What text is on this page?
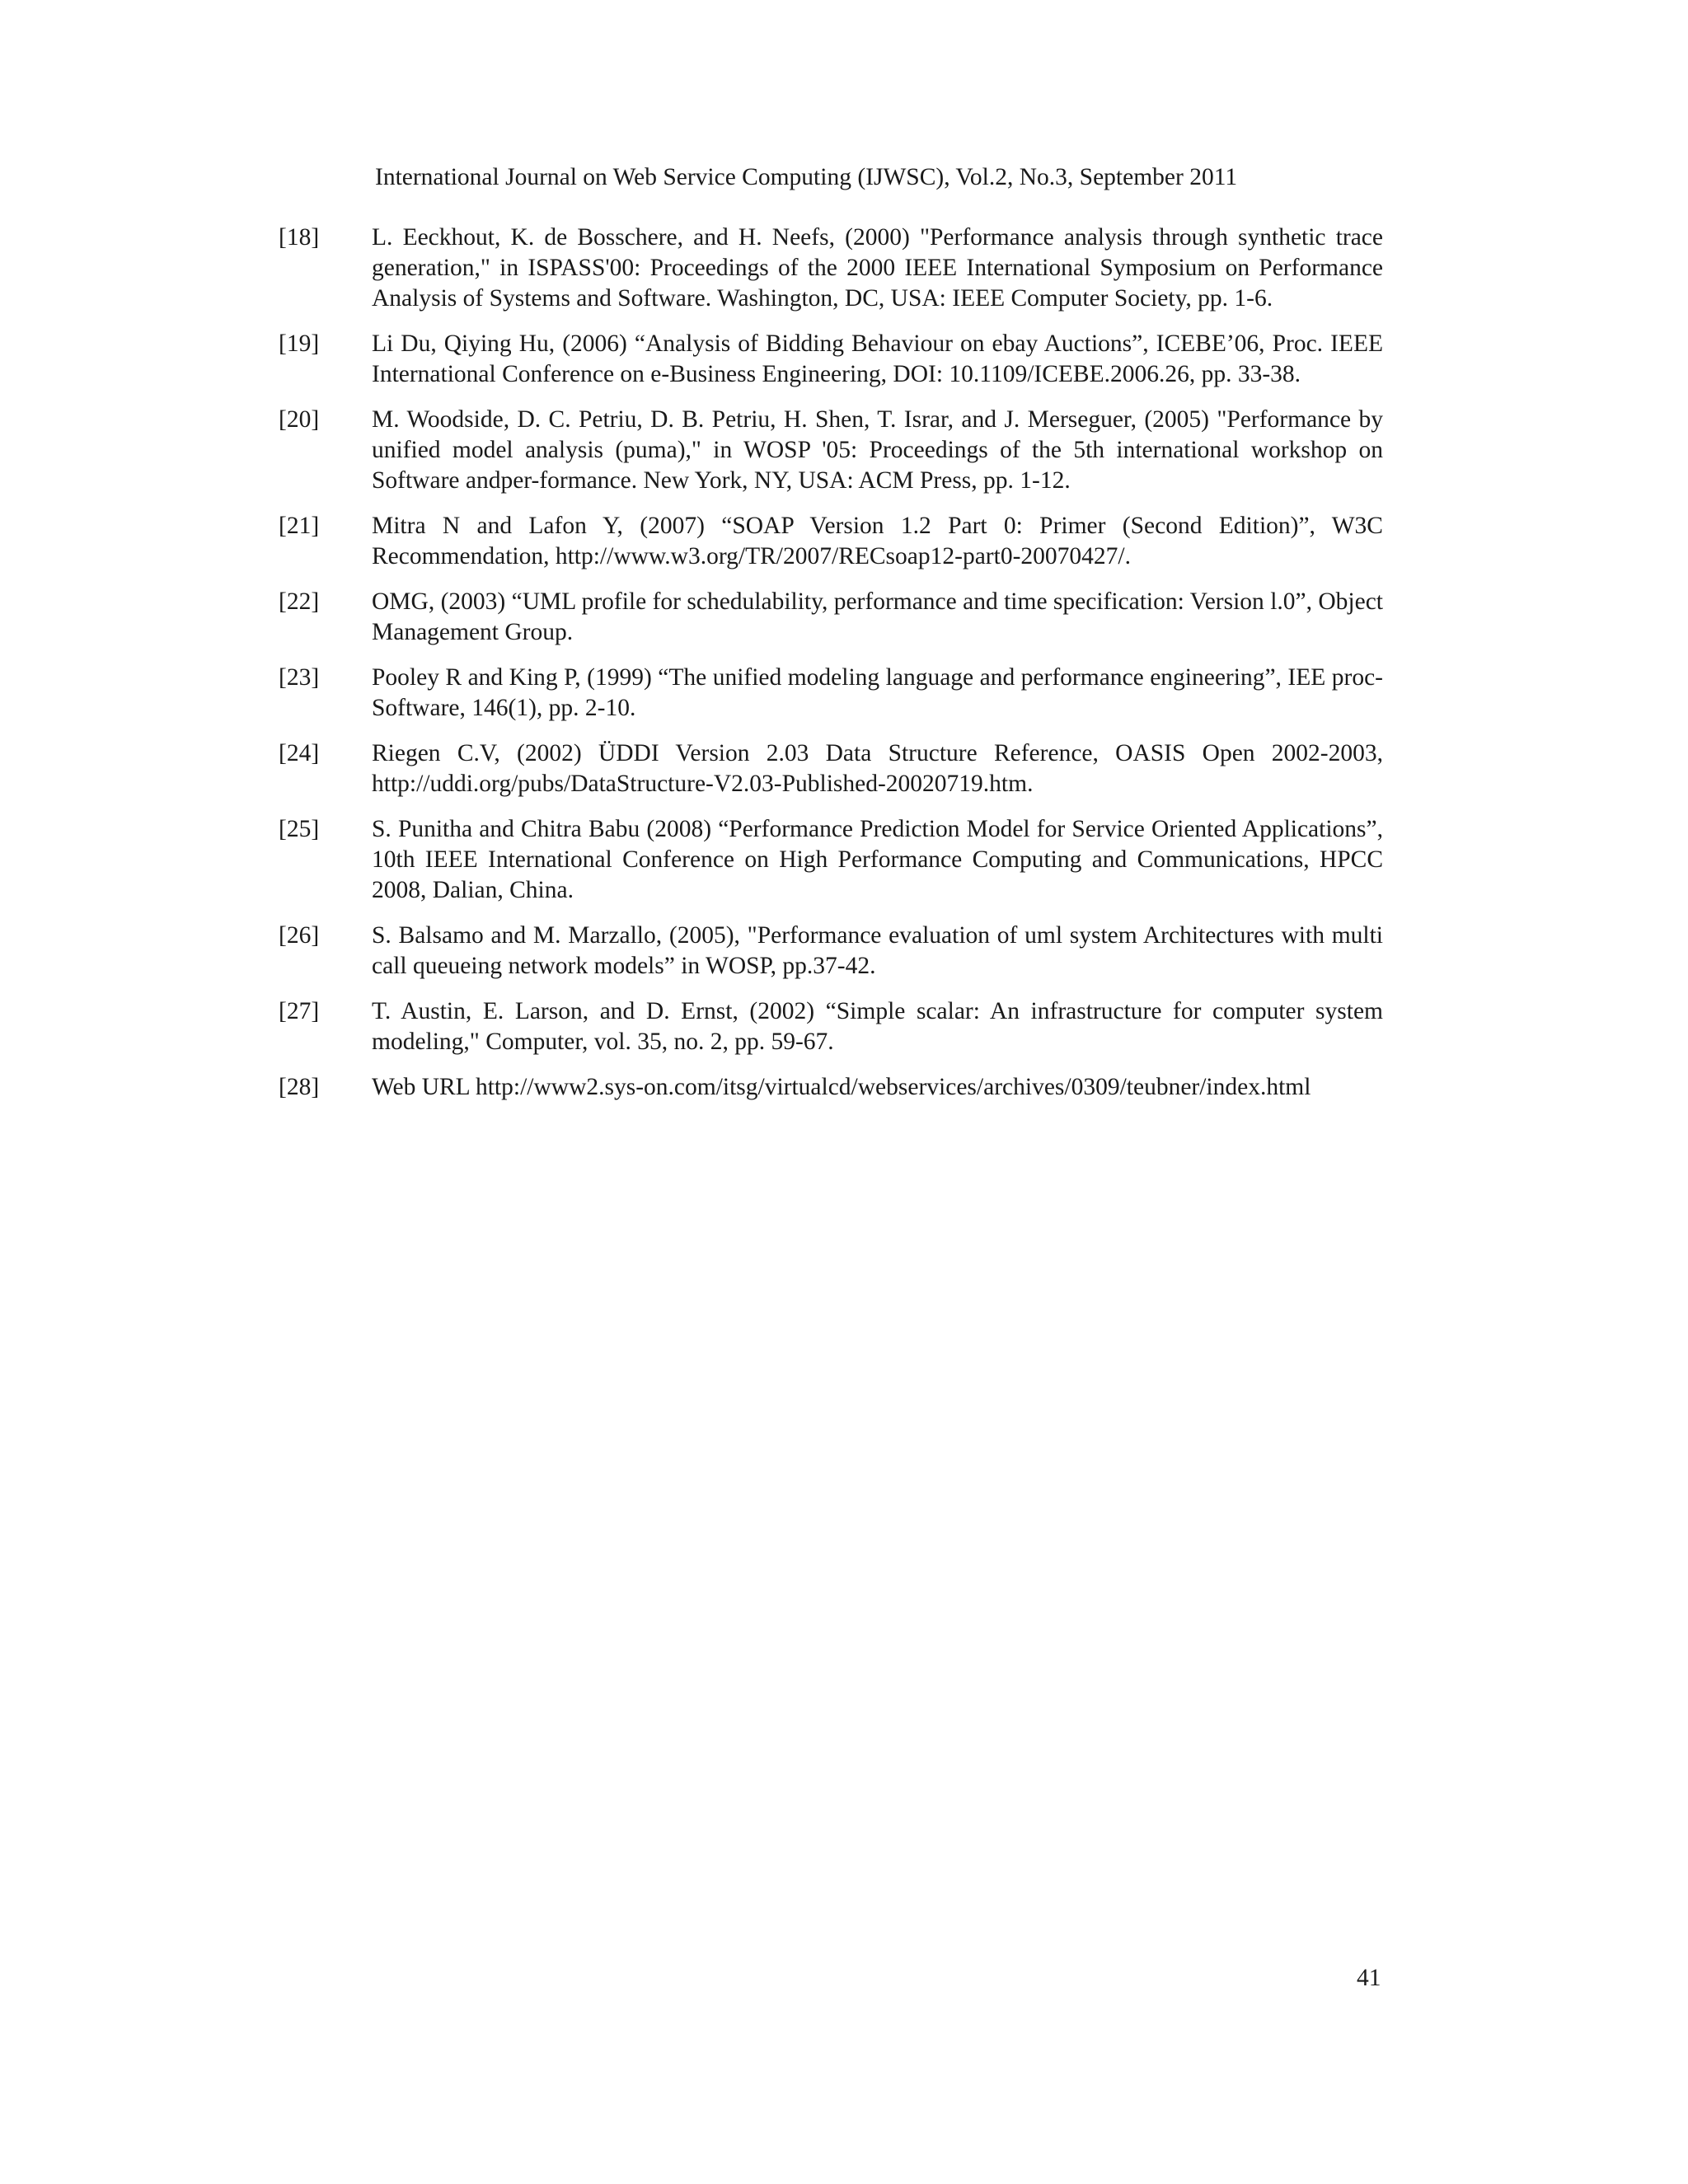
International Journal on Web Service Computing (IJWSC), Vol.2, No.3, September 2011
[18] L. Eeckhout, K. de Bosschere, and H. Neefs, (2000) "Performance analysis through synthetic trace generation," in ISPASS'00: Proceedings of the 2000 IEEE International Symposium on Performance Analysis of Systems and Software. Washington, DC, USA: IEEE Computer Society, pp. 1-6.
[19] Li Du, Qiying Hu, (2006) “Analysis of Bidding Behaviour on ebay Auctions”, ICEBE’06, Proc. IEEE International Conference on e-Business Engineering, DOI: 10.1109/ICEBE.2006.26, pp. 33-38.
[20] M. Woodside, D. C. Petriu, D. B. Petriu, H. Shen, T. Israr, and J. Merseguer, (2005) "Performance by unified model analysis (puma)," in WOSP '05: Proceedings of the 5th international workshop on Software andper-formance. New York, NY, USA: ACM Press, pp. 1-12.
[21] Mitra N and Lafon Y, (2007) “SOAP Version 1.2 Part 0: Primer (Second Edition)”, W3C Recommendation, http://www.w3.org/TR/2007/RECsoap12-part0-20070427/.
[22] OMG, (2003) “UML profile for schedulability, performance and time specification: Version l.0”, Object Management Group.
[23] Pooley R and King P, (1999) “The unified modeling language and performance engineering”, IEE proc-Software, 146(1), pp. 2-10.
[24] Riegen C.V, (2002) ÜDDI Version 2.03 Data Structure Reference, OASIS Open 2002-2003, http://uddi.org/pubs/DataStructure-V2.03-Published-20020719.htm.
[25] S. Punitha and Chitra Babu (2008) “Performance Prediction Model for Service Oriented Applications”, 10th IEEE International Conference on High Performance Computing and Communications, HPCC 2008, Dalian, China.
[26] S. Balsamo and M. Marzallo, (2005), "Performance evaluation of uml system Architectures with multi call queueing network models” in WOSP, pp.37-42.
[27] T. Austin, E. Larson, and D. Ernst, (2002) “Simple scalar: An infrastructure for computer system modeling," Computer, vol. 35, no. 2, pp. 59-67.
[28] Web URL http://www2.sys-on.com/itsg/virtualcd/webservices/archives/0309/teubner/index.html
41
